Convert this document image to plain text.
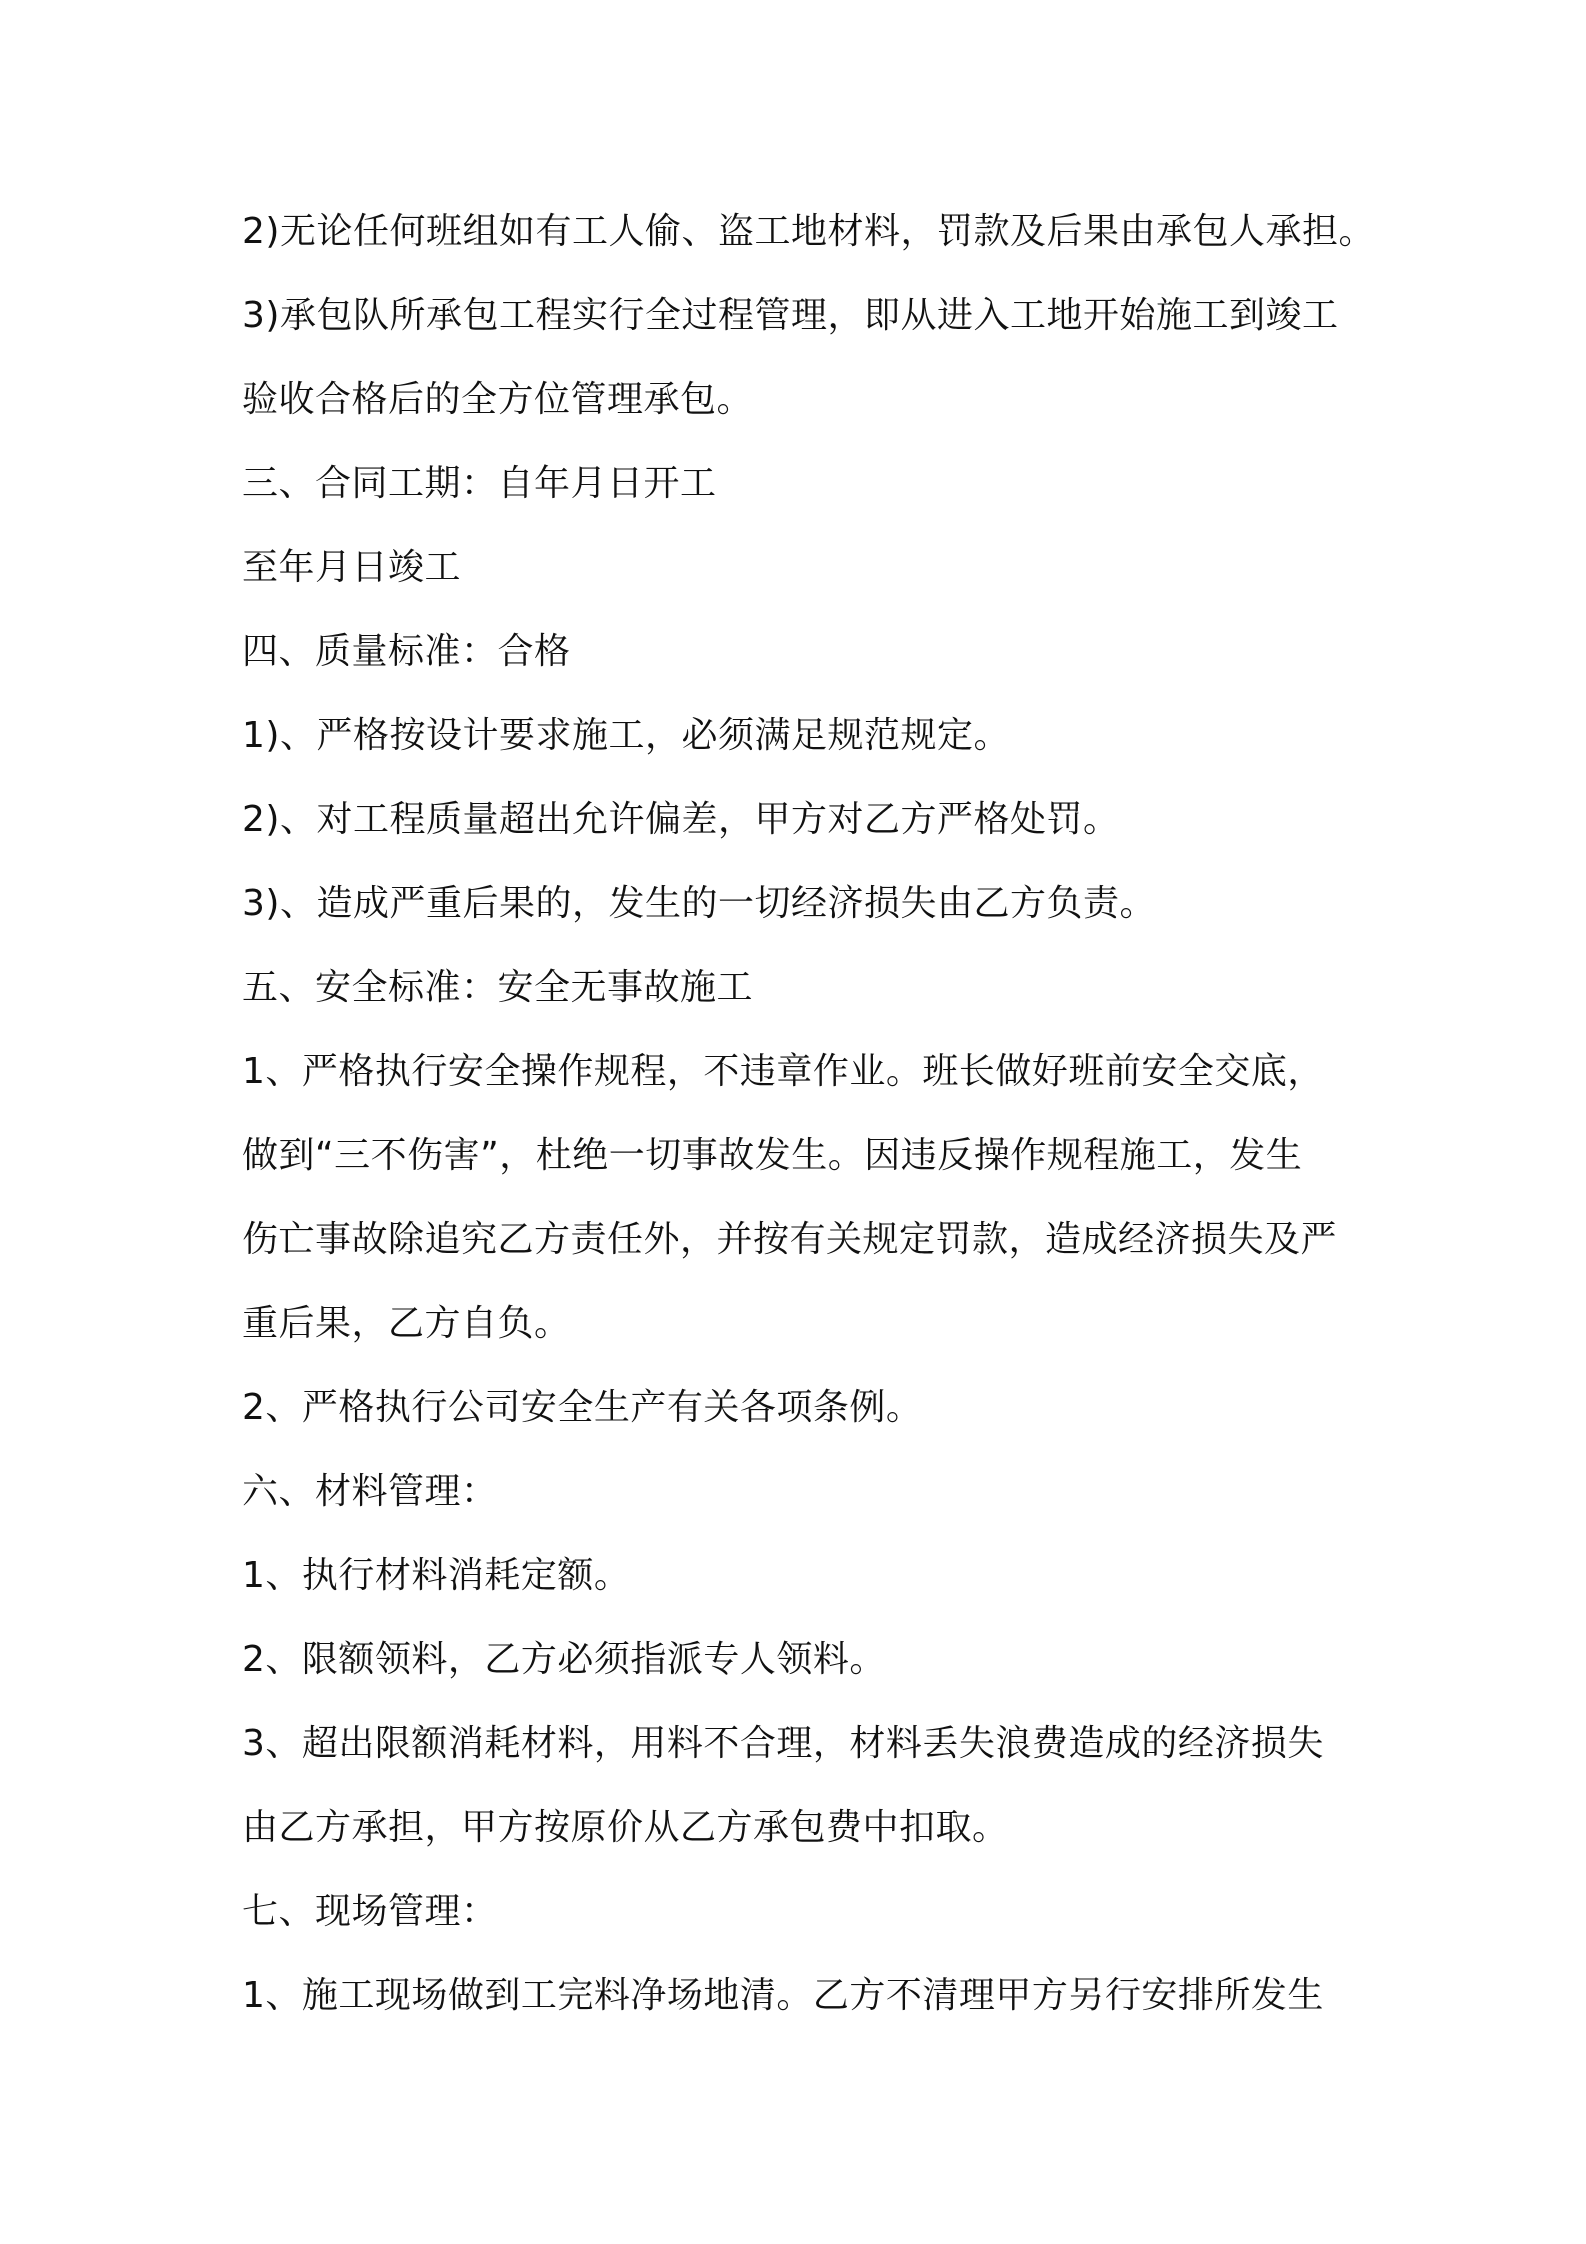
2)无论任何班组如有工人偷、盗工地材料，罚款及后果由承包人承担。
3)承包队所承包工程实行全过程管理，即从进入工地开始施工到竣工
验收合格后的全方位管理承包。
三、合同工期：自年月日开工
至年月日竣工
四、质量标准：合格
1)、严格按设计要求施工，必须满足规范规定。
2)、对工程质量超出允许偏差，甲方对乙方严格处罚。
3)、造成严重后果的，发生的一切经济损失由乙方负责。
五、安全标准：安全无事故施工
1、严格执行安全操作规程，不违章作业。班长做好班前安全交底，
做到“三不伤害”，杜绝一切事故发生。因违反操作规程施工，发生
伤亡事故除追究乙方责任外，并按有关规定罚款，造成经济损失及严
重后果，乙方自负。
2、严格执行公司安全生产有关各项条例。
六、材料管理：
1、执行材料消耗定额。
2、限额领料，乙方必须指派专人领料。
3、超出限额消耗材料，用料不合理，材料丢失浪费造成的经济损失
由乙方承担，甲方按原价从乙方承包费中扣取。
七、现场管理：
1、施工现场做到工完料净场地清。乙方不清理甲方另行安排所发生
